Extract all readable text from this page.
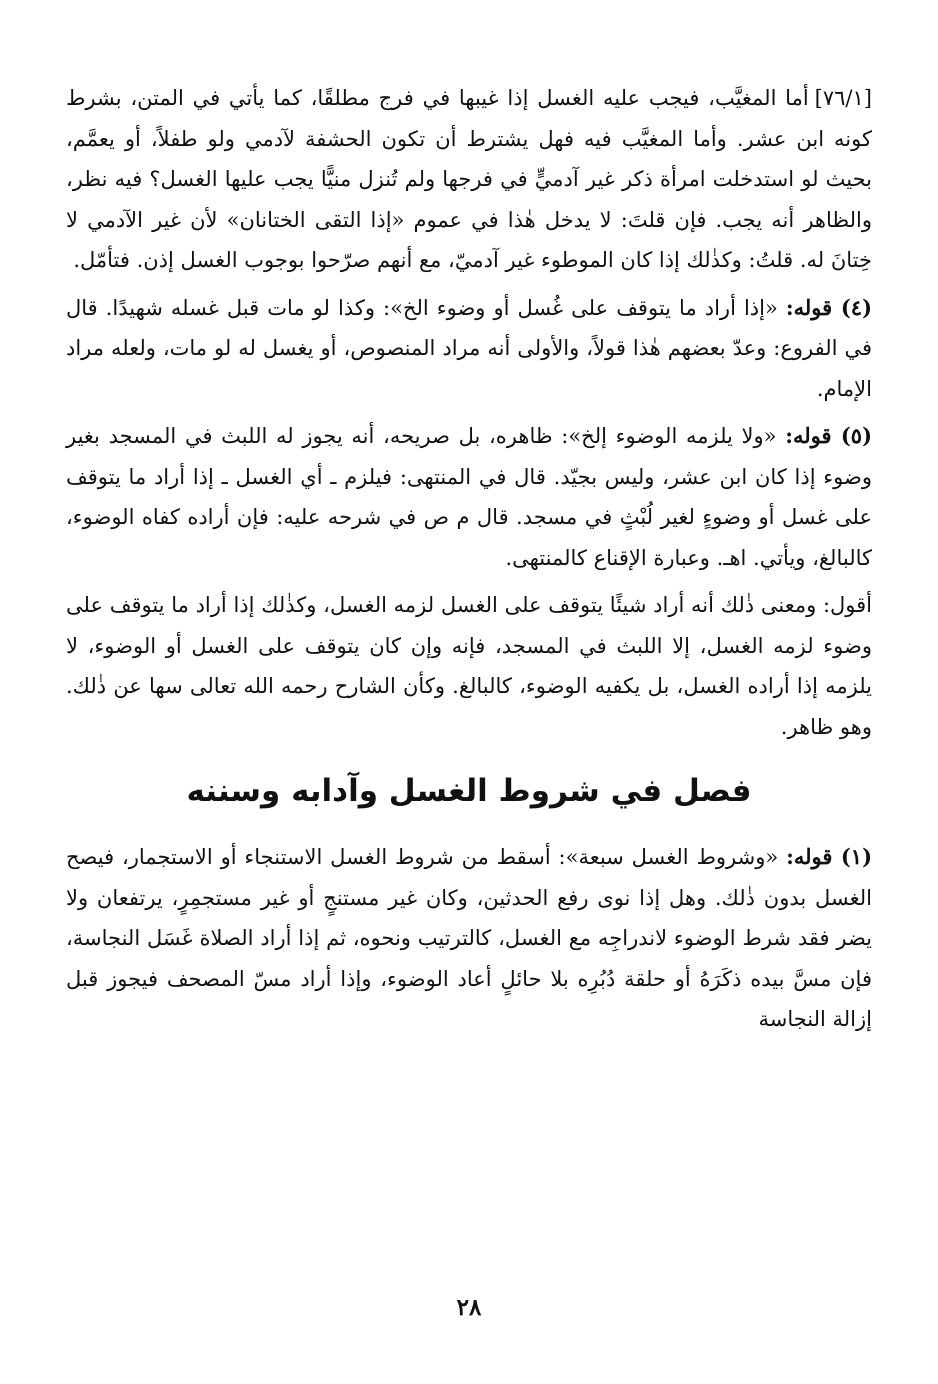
[٧٦/١]أما المغيَّب، فيجب عليه الغسل إذا غيبها في فرج مطلقًا، كما يأتي في المتن، بشرط كونه ابن عشر. وأما المغيَّب فيه فهل يشترط أن تكون الحشفة لآدمي ولو طفلاً، أو يعمَّم، بحيث لو استدخلت امرأة ذكر غير آدميٍّ في فرجها ولم تُنزل منيًّا يجب عليها الغسل؟ فيه نظر، والظاهر أنه يجب. فإن قلتَ: لا يدخل هٰذا في عموم «إذا التقى الختانان» لأن غير الآدمي لا خِتانَ له. قلتُ: وكذٰلك إذا كان الموطوء غير آدميّ، مع أنهم صرّحوا بوجوب الغسل إذن. فتأمّل.

(٤) قوله: «إذا أراد ما يتوقف على غُسل أو وضوء الخ»: وكذا لو مات قبل غسله شهيدًا. قال في الفروع: وعدّ بعضهم هٰذا قولاً، والأولى أنه مراد المنصوص، أو يغسل له لو مات، ولعله مراد الإمام.

(٥) قوله: «ولا يلزمه الوضوء إلخ»: ظاهره، بل صريحه، أنه يجوز له اللبث في المسجد بغير وضوء إذا كان ابن عشر، وليس بجيّد. قال في المنتهى: فيلزم ـ أي الغسل ـ إذا أراد ما يتوقف على غسل أو وضوءٍ لغير لُبْثٍ في مسجد. قال م ص في شرحه عليه: فإن أراده كفاه الوضوء، كالبالغ، ويأتي. اهـ. وعبارة الإقناع كالمنتهى.

أقول: ومعنى ذٰلك أنه أراد شيئًا يتوقف على الغسل لزمه الغسل، وكذٰلك إذا أراد ما يتوقف على وضوء لزمه الغسل، إلا اللبث في المسجد، فإنه وإن كان يتوقف على الغسل أو الوضوء، لا يلزمه إذا أراده الغسل، بل يكفيه الوضوء، كالبالغ. وكأن الشارح رحمه الله تعالى سها عن ذٰلك. وهو ظاهر.

فصل في شروط الغسل وآدابه وسننه

(١) قوله: «وشروط الغسل سبعة»: أسقط من شروط الغسل الاستنجاء أو الاستجمار، فيصح الغسل بدون ذٰلك. وهل إذا نوى رفع الحدثين، وكان غير مستنجٍ أو غير مستجمِرٍ، يرتفعان ولا يضر فقد شرط الوضوء لاندراجِه مع الغسل، كالترتيب ونحوه، ثم إذا أراد الصلاة غَسَل النجاسة، فإن مسَّ بيده ذكَرَهُ أو حلقة دُبُرِه بلا حائلٍ أعاد الوضوء، وإذا أراد مسّ المصحف فيجوز قبل إزالة النجاسة

٢٨
